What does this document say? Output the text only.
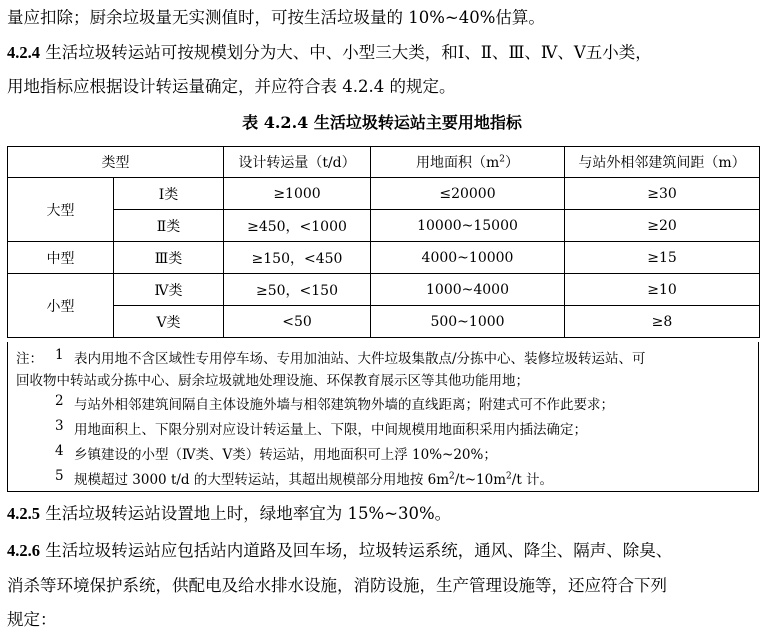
量应扣除；厨余垃圾量无实测值时，可按生活垃圾量的 10%~40%估算。
4.2.4 生活垃圾转运站可按规模划分为大、中、小型三大类，和Ⅰ、Ⅱ、Ⅲ、Ⅳ、Ⅴ五小类，
用地指标应根据设计转运量确定，并应符合表 4.2.4 的规定。
表 4.2.4 生活垃圾转运站主要用地指标
类型		设计转运量（t/d）	用地面积$(m^2)$	与站外相邻建筑间距（m）
大型	Ⅰ类	≥1000	≤20000	≥30
	Ⅱ类	≥450，<1000	10000~15000	≥20
中型	Ⅲ类	≥150，<450	4000~10000	≥15
小型	Ⅳ类	≥50，<150	1000~4000	≥10
	Ⅴ类	<50	500~1000	≥8
注： 1 表内用地不含区域性专用停车场、专用加油站、大件垃圾集散点/分拣中心、装修垃圾转运站、可
回收物中转站或分拣中心、厨余垃圾就地处理设施、环保教育展示区等其他功能用地；
2 与站外相邻建筑间隔自主体设施外墙与相邻建筑物外墙的直线距离；附建式可不作此要求；
3 用地面积上、下限分别对应设计转运量上、下限，中间规模用地面积采用内插法确定；
4 乡镇建设的小型（Ⅳ类、Ⅴ类）转运站，用地面积可上浮 10%~20%；
5 规模超过 3000 t/d 的大型转运站，其超出规模部分用地按 $6m^2/t\sim 10m^2/t$ 计。
4.2.5 生活垃圾转运站设置地上时，绿地率宜为 15%~30%。
4.2.6 生活垃圾转运站应包括站内道路及回车场，垃圾转运系统，通风、降尘、隔声、除臭、
消杀等环境保护系统，供配电及给水排水设施，消防设施，生产管理设施等，还应符合下列
规定：
